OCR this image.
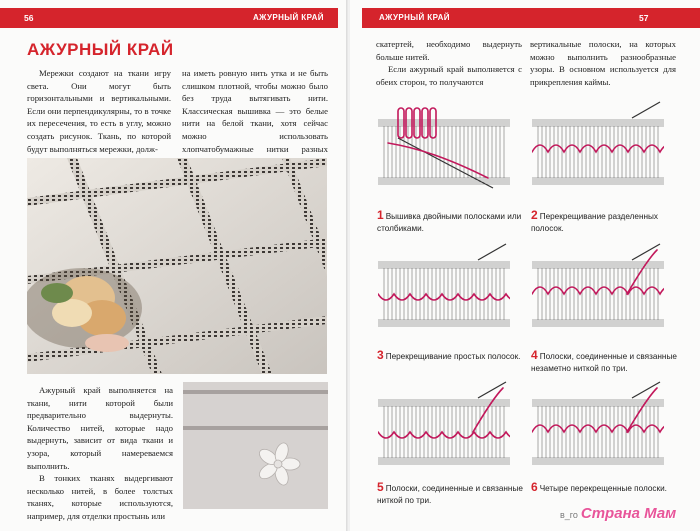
56	АЖУРНЫЙ КРАЙ
АЖУРНЫЙ КРАЙ

Мережки создают на ткани игру света. Они могут быть горизонтальными и вертикальными. Если они перпендикулярны, то в точке их пересечения, то есть в углу, можно создать рисунок. Ткань, по которой будут выполняться мережки, долж-

на иметь ровную нить утка и не быть слишком плотной, чтобы можно было без труда вытягивать нити. Классическая вышивка — это белые нити на белой ткани, хотя сейчас можно использовать хлопчатобумажные нитки разных

Ажурный край выполняется на ткани, нити которой были предварительно выдернуты. Количество нитей, которые надо выдернуть, зависит от вида ткани и узора, который намереваемся выполнить.

В тонких тканях выдергивают несколько нитей, в более толстых тканях, которые используются, например, для отделки простынь или

АЖУРНЫЙ КРАЙ	57

скатертей, необходимо выдернуть больше нитей.

Если ажурный край выполняется с обеих сторон, то получаются

вертикальные полоски, на которых можно выполнить разнообразные узоры. В основном используется для прикрепления каймы.

1 Вышивка двойными полосками или столбиками.
2 Перекрещивание разделенных полосок.
3 Перекрещивание простых полосок. 4 Полоски, соединенные и связанные незаметно ниткой по три.
5 Полоски, соединенные и связанные ниткой по три.
6 Четыре перекрещенные полоски.
в_го Страна Мам
